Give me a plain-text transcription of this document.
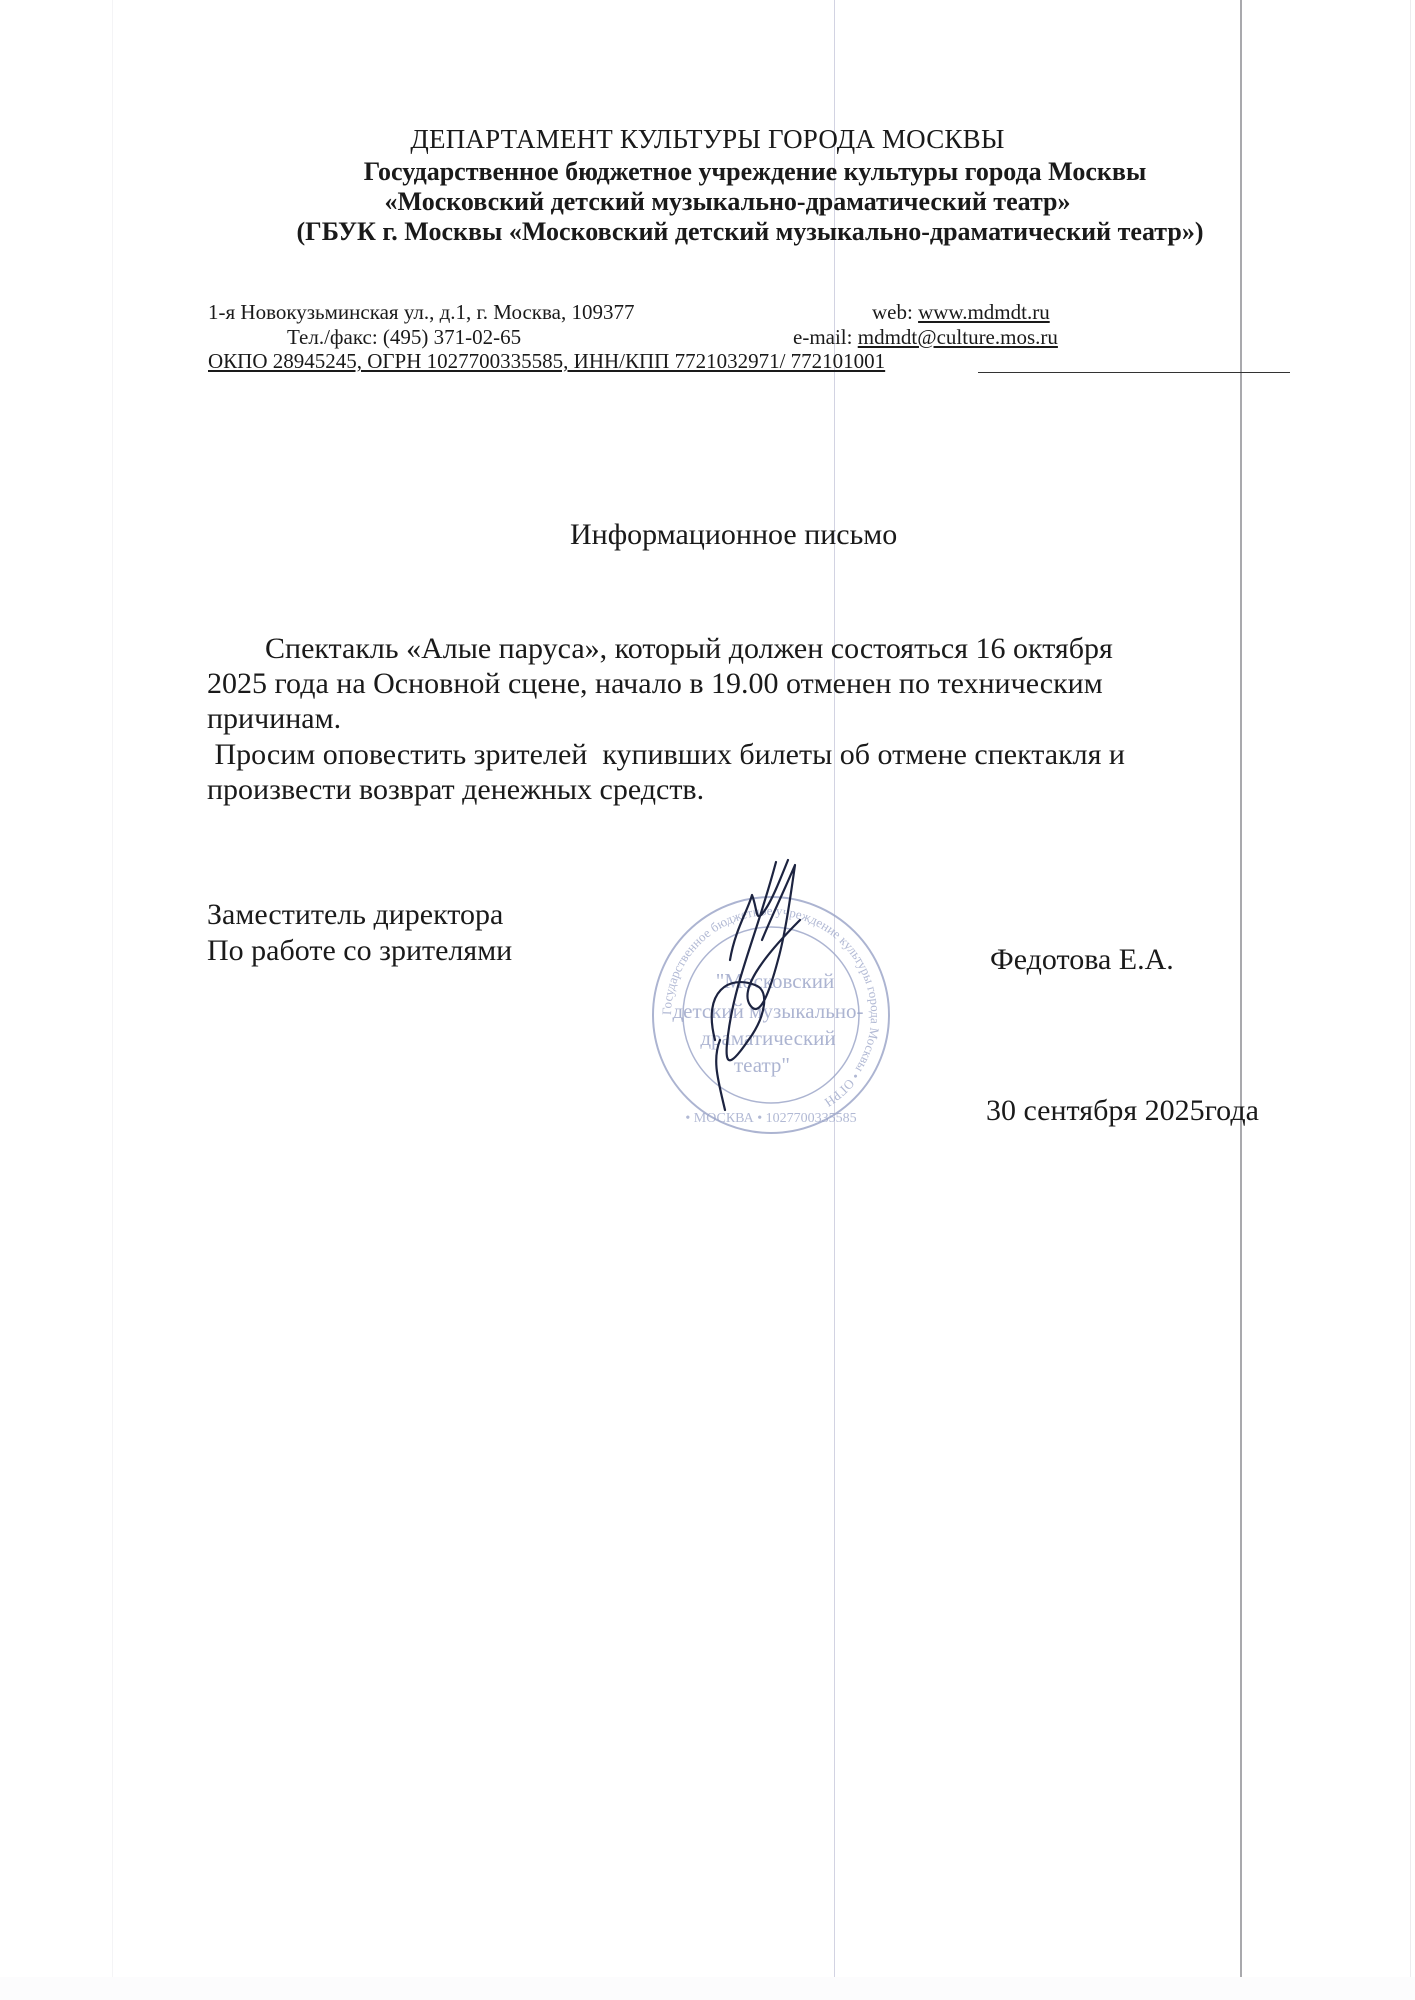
ДЕПАРТАМЕНТ КУЛЬТУРЫ ГОРОДА МОСКВЫ
Государственное бюджетное учреждение культуры города Москвы
«Московский детский музыкально-драматический театр»
(ГБУК г. Москвы «Московский детский музыкально-драматический театр»)
1-я Новокузьминская ул., д.1, г. Москва, 109377
Тел./факс: (495) 371-02-65
ОКПО 28945245, ОГРН 1027700335585, ИНН/КПП 7721032971/ 772101001
web: www.mdmdt.ru
e-mail: mdmdt@culture.mos.ru
Информационное письмо
Спектакль «Алые паруса», который должен состояться 16 октября
2025 года на Основной сцене, начало в 19.00 отменен по техническим
причинам.
Просим оповестить зрителей  купивших билеты об отмене спектакля и
произвести возврат денежных средств.
Заместитель директора
По работе со зрителями	Федотова Е.А.
30 сентября 2025года
Государственное бюджетное учреждение культуры города Москвы • ОГРН
"Московский
детский музыкально-
драматический
театр"
• МОСКВА • 1027700335585
